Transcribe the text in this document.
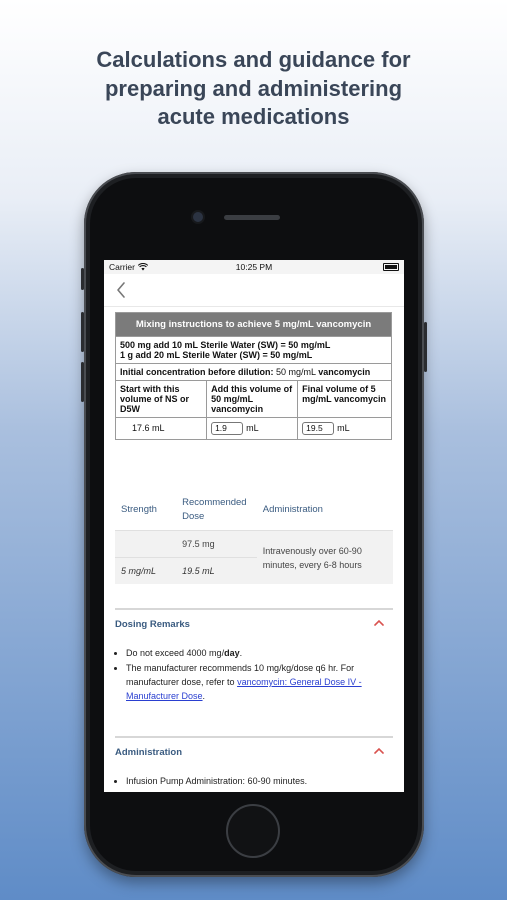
Calculations and guidance for
preparing and administering
acute medications
Carrier	10:25 PM
Mixing instructions to achieve 5 mg/mL vancomycin		

500 mg add 10 mL Sterile Water (SW) = 50 mg/mL
1 g add 20 mL Sterile Water (SW) = 50 mg/mL		

Initial concentration before dilution: 50 mg/mL vancomycin		
Start with this volume of NS or D5W	Add this volume of 50 mg/mL vancomycin	Final volume of 5 mg/mL vancomycin
17.6 mL	1.9 mL	19.5 mL
Strength	Recommended Dose	Administration
	97.5 mg	Intravenously over 60-90 minutes, every 6-8 hours
5 mg/mL	19.5 mL	
Dosing Remarks
• Do not exceed 4000 mg/day.
• The manufacturer recommends 10 mg/kg/dose q6 hr. For manufacturer dose, refer to vancomycin: General Dose IV - Manufacturer Dose.
Administration
• Infusion Pump Administration: 60-90 minutes.
